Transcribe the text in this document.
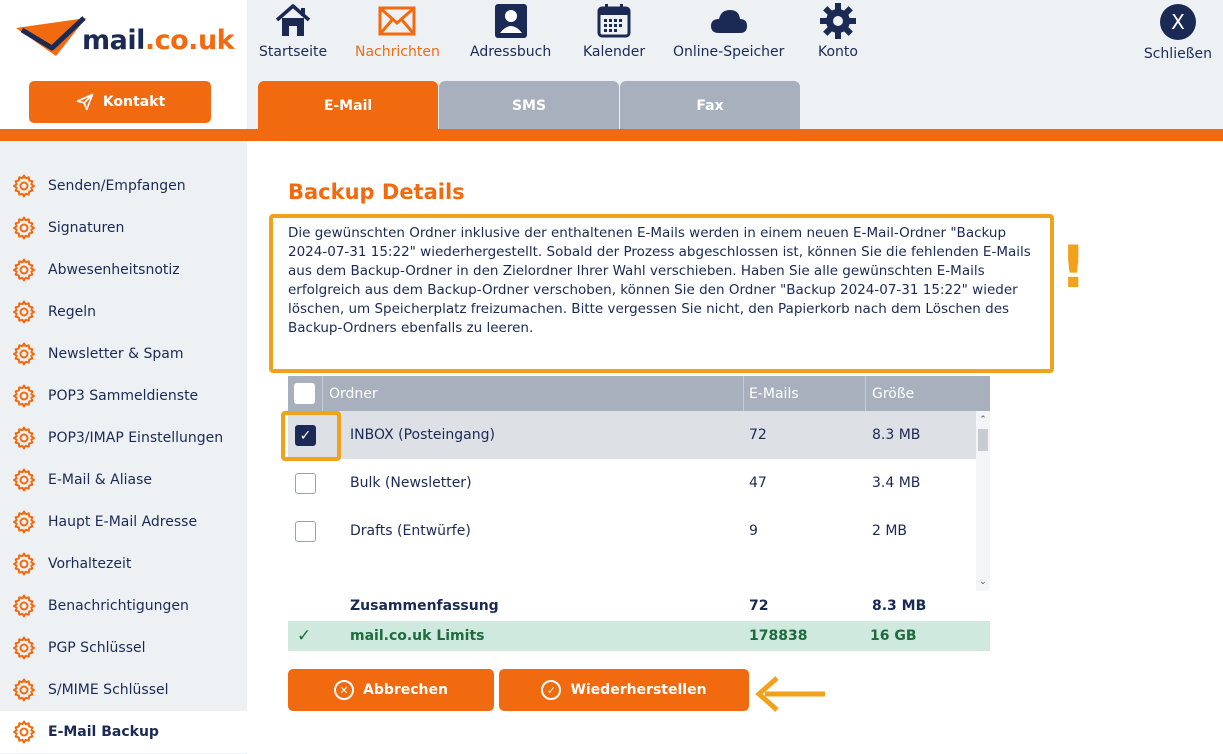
mail.co.uk
Kontakt
Startseite Nachrichten Adressbuch Kalender Online-Speicher Konto
X
Schließen
E-Mail	SMS	Fax
Senden/Empfangen
Signaturen
Abwesenheitsnotiz
Regeln
Newsletter & Spam
POP3 Sammeldienste
POP3/IMAP Einstellungen
E-Mail & Aliase
Haupt E-Mail Adresse
Vorhaltezeit
Benachrichtigungen
PGP Schlüssel
S/MIME Schlüssel
E-Mail Backup
Backup Details
Die gewünschten Ordner inklusive der enthaltenen E-Mails werden in einem neuen E-Mail-Ordner "Backup 2024-07-31 15:22" wiederhergestellt. Sobald der Prozess abgeschlossen ist, können Sie die fehlenden E-Mails aus dem Backup-Ordner in den Zielordner Ihrer Wahl verschieben. Haben Sie alle gewünschten E-Mails erfolgreich aus dem Backup-Ordner verschoben, können Sie den Ordner "Backup 2024-07-31 15:22" wieder löschen, um Speicherplatz freizumachen. Bitte vergessen Sie nicht, den Papierkorb nach dem Löschen des Backup-Ordners ebenfalls zu leeren.
!
Ordner	E-Mails	Größe
✓	INBOX (Posteingang)	72	8.3 MB
Bulk (Newsletter)	47	3.4 MB
Drafts (Entwürfe)	9	2 MB
⌃
⌄
Zusammenfassung	72	8.3 MB
✓	mail.co.uk Limits	178838	16 GB
✕	Abbrechen	✓	Wiederherstellen
